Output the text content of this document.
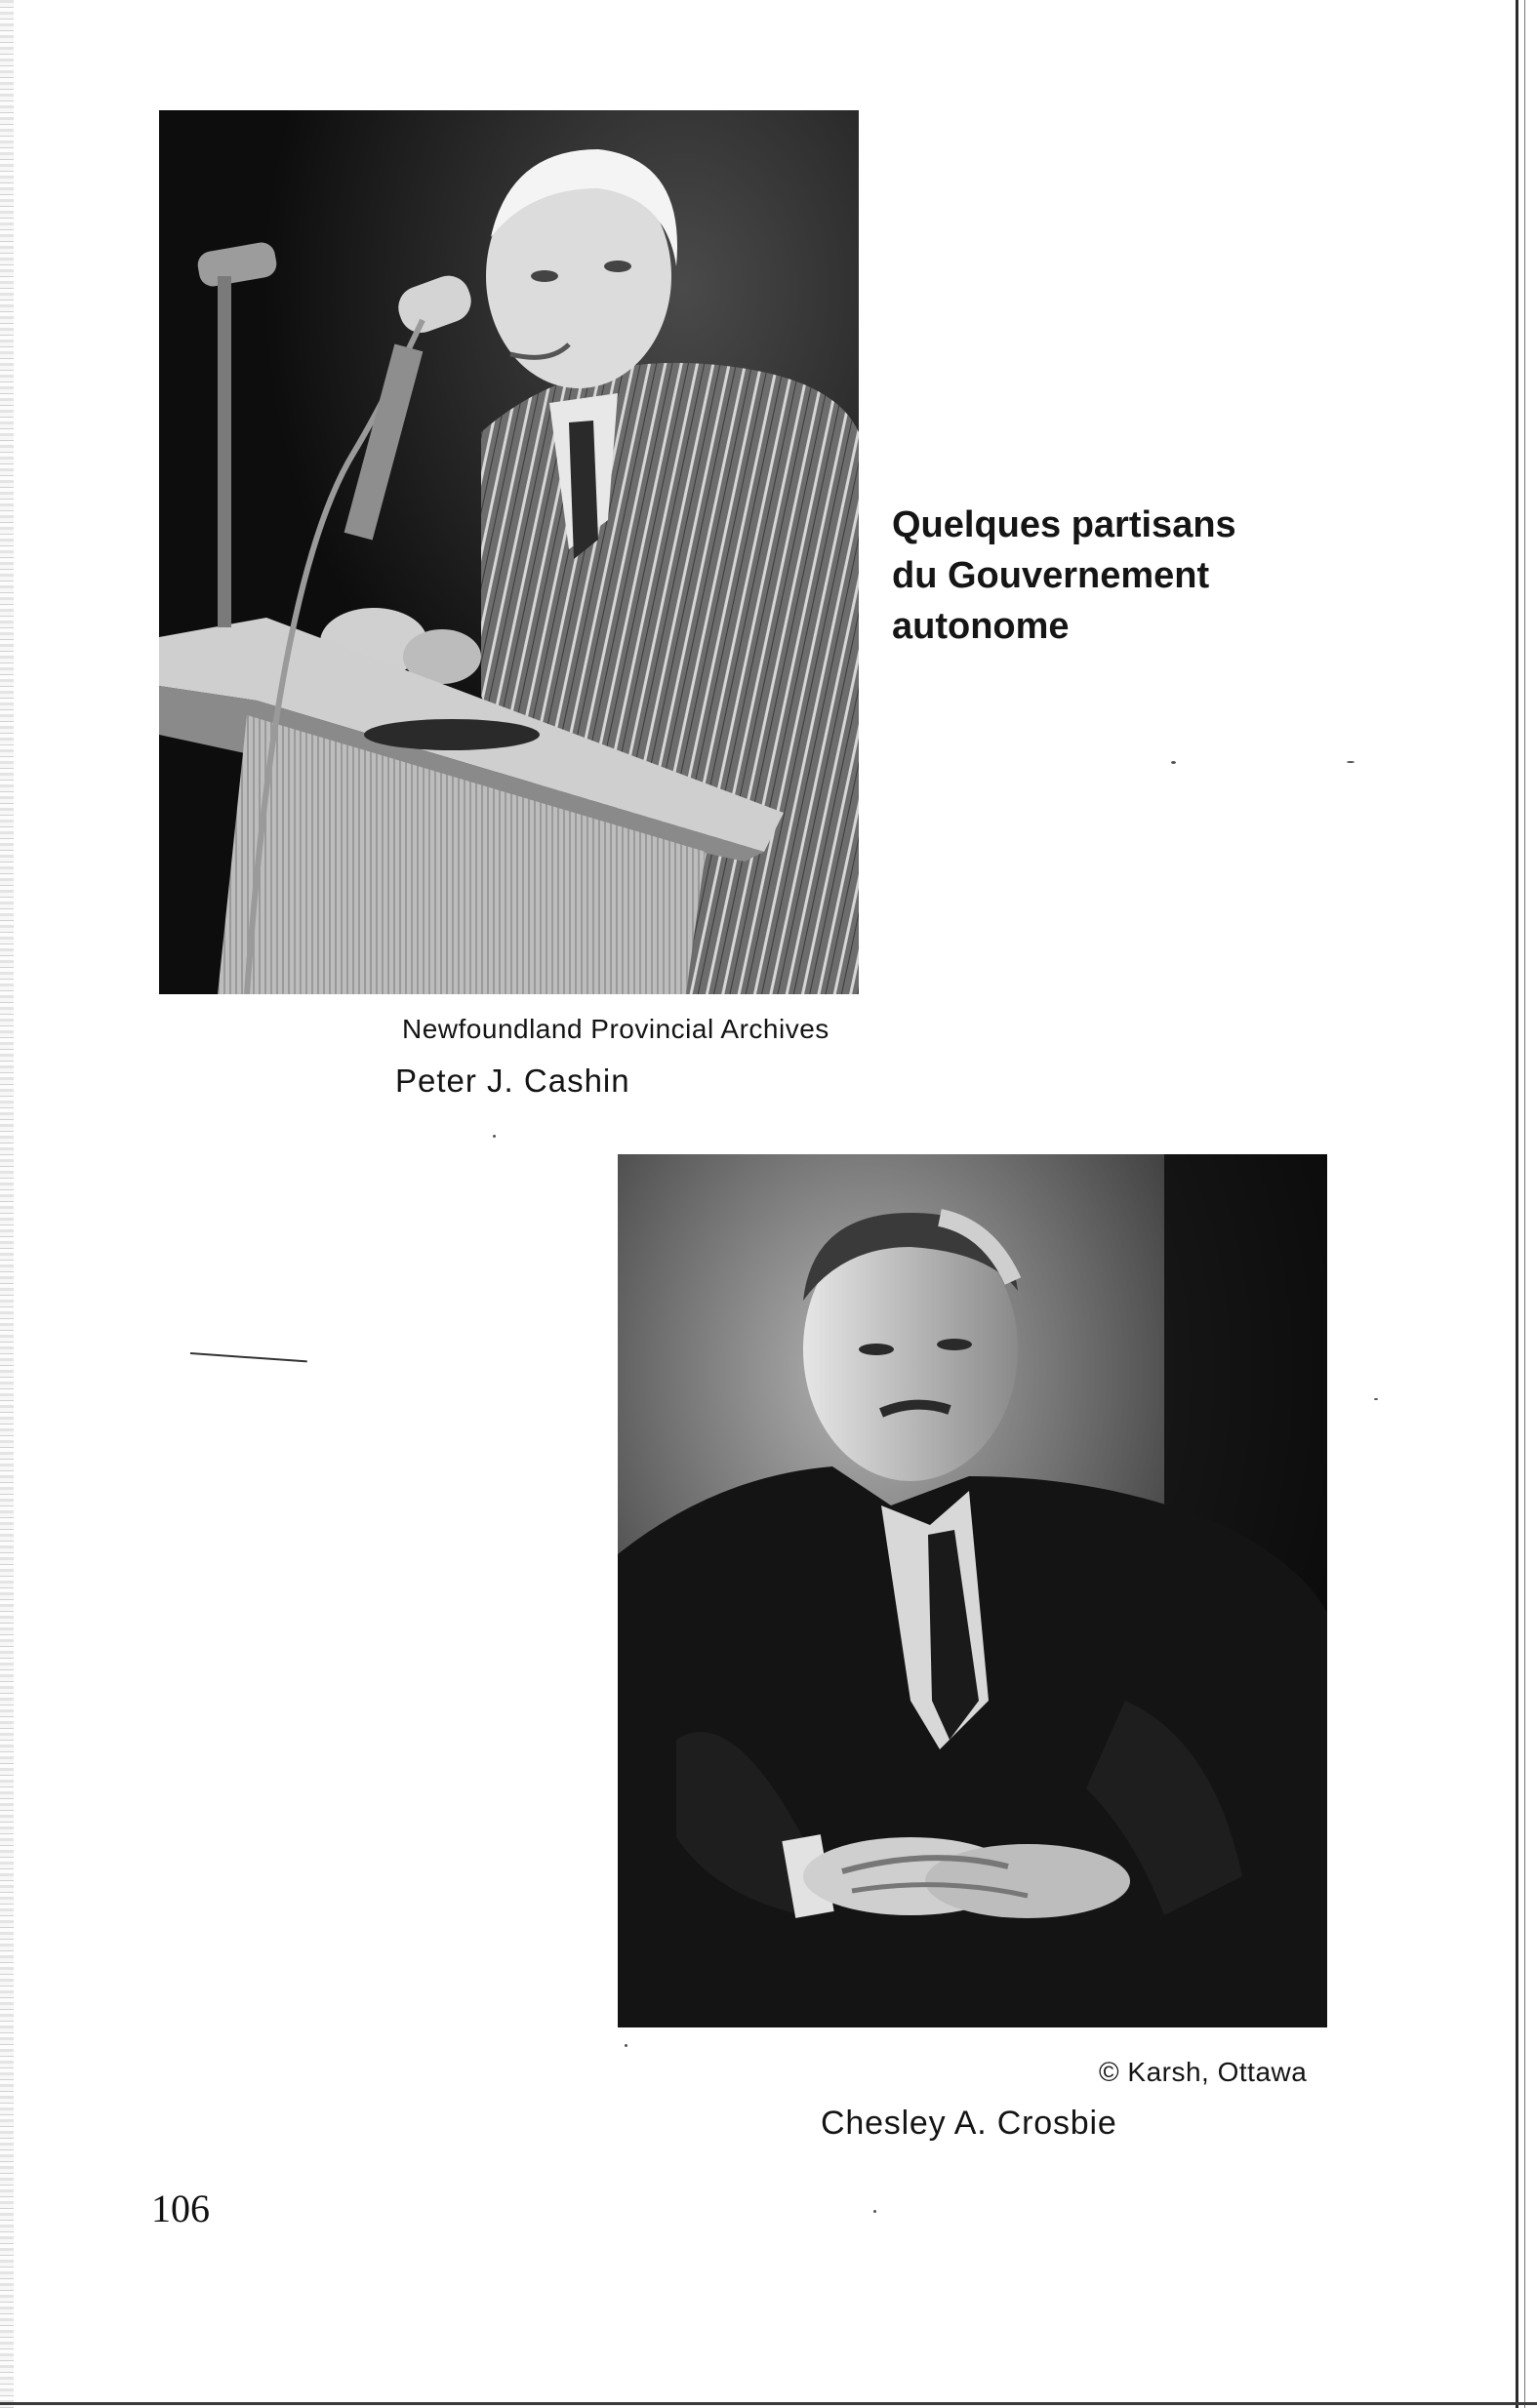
Newfoundland Provincial Archives
Peter J. Cashin
Quelques partisans
du Gouvernement
autonome
© Karsh, Ottawa
Chesley A. Crosbie
106
